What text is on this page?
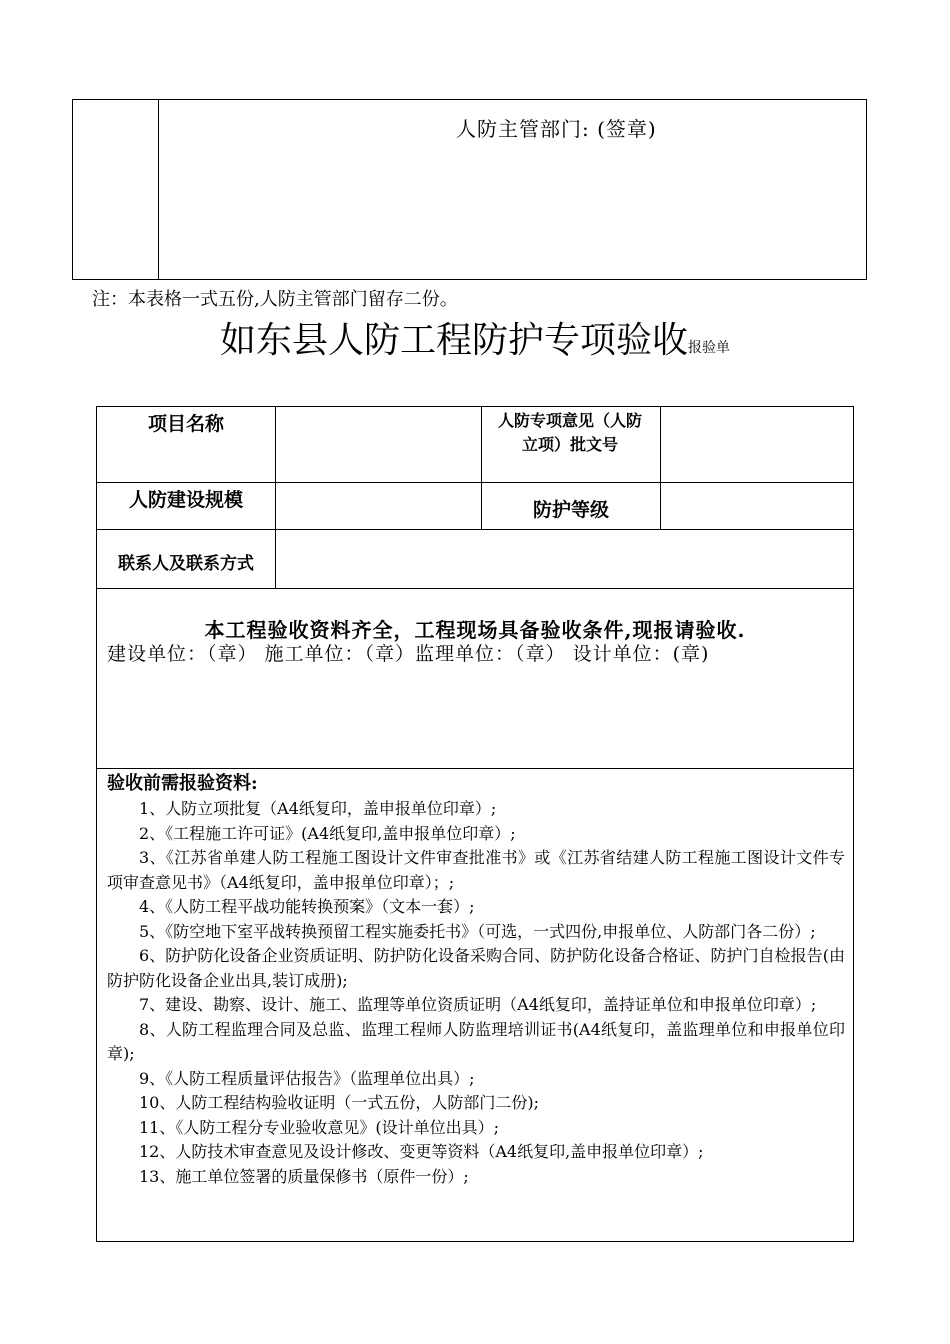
人防主管部门: (签章)
注：本表格一式五份,人防主管部门留存二份。
如东县人防工程防护专项验收报验单
项目名称	人防专项意见（人防立项）批文号
人防建设规模	防护等级
联系人及联系方式
本工程验收资料齐全，工程现场具备验收条件,现报请验收.
建设单位：（章） 施工单位：（章）监理单位：（章） 设计单位：(章)
验收前需报验资料:
1、人防立项批复（A4纸复印，盖申报单位印章）;
2、《工程施工许可证》(A4纸复印,盖申报单位印章）;
3、《江苏省单建人防工程施工图设计文件审查批准书》或《江苏省结建人防工程施工图设计文件专项审查意见书》（A4纸复印，盖申报单位印章）；;
4、《人防工程平战功能转换预案》（文本一套）;
5、《防空地下室平战转换预留工程实施委托书》（可选，一式四份,申报单位、人防部门各二份）;
6、防护防化设备企业资质证明、防护防化设备采购合同、防护防化设备合格证、防护门自检报告(由防护防化设备企业出具,装订成册);
7、建设、勘察、设计、施工、监理等单位资质证明（A4纸复印，盖持证单位和申报单位印章）;
8、人防工程监理合同及总监、监理工程师人防监理培训证书(A4纸复印，盖监理单位和申报单位印章);
9、《人防工程质量评估报告》（监理单位出具）;
10、人防工程结构验收证明（一式五份，人防部门二份);
11、《人防工程分专业验收意见》(设计单位出具）;
12、人防技术审查意见及设计修改、变更等资料（A4纸复印,盖申报单位印章）;
13、施工单位签署的质量保修书（原件一份）;
